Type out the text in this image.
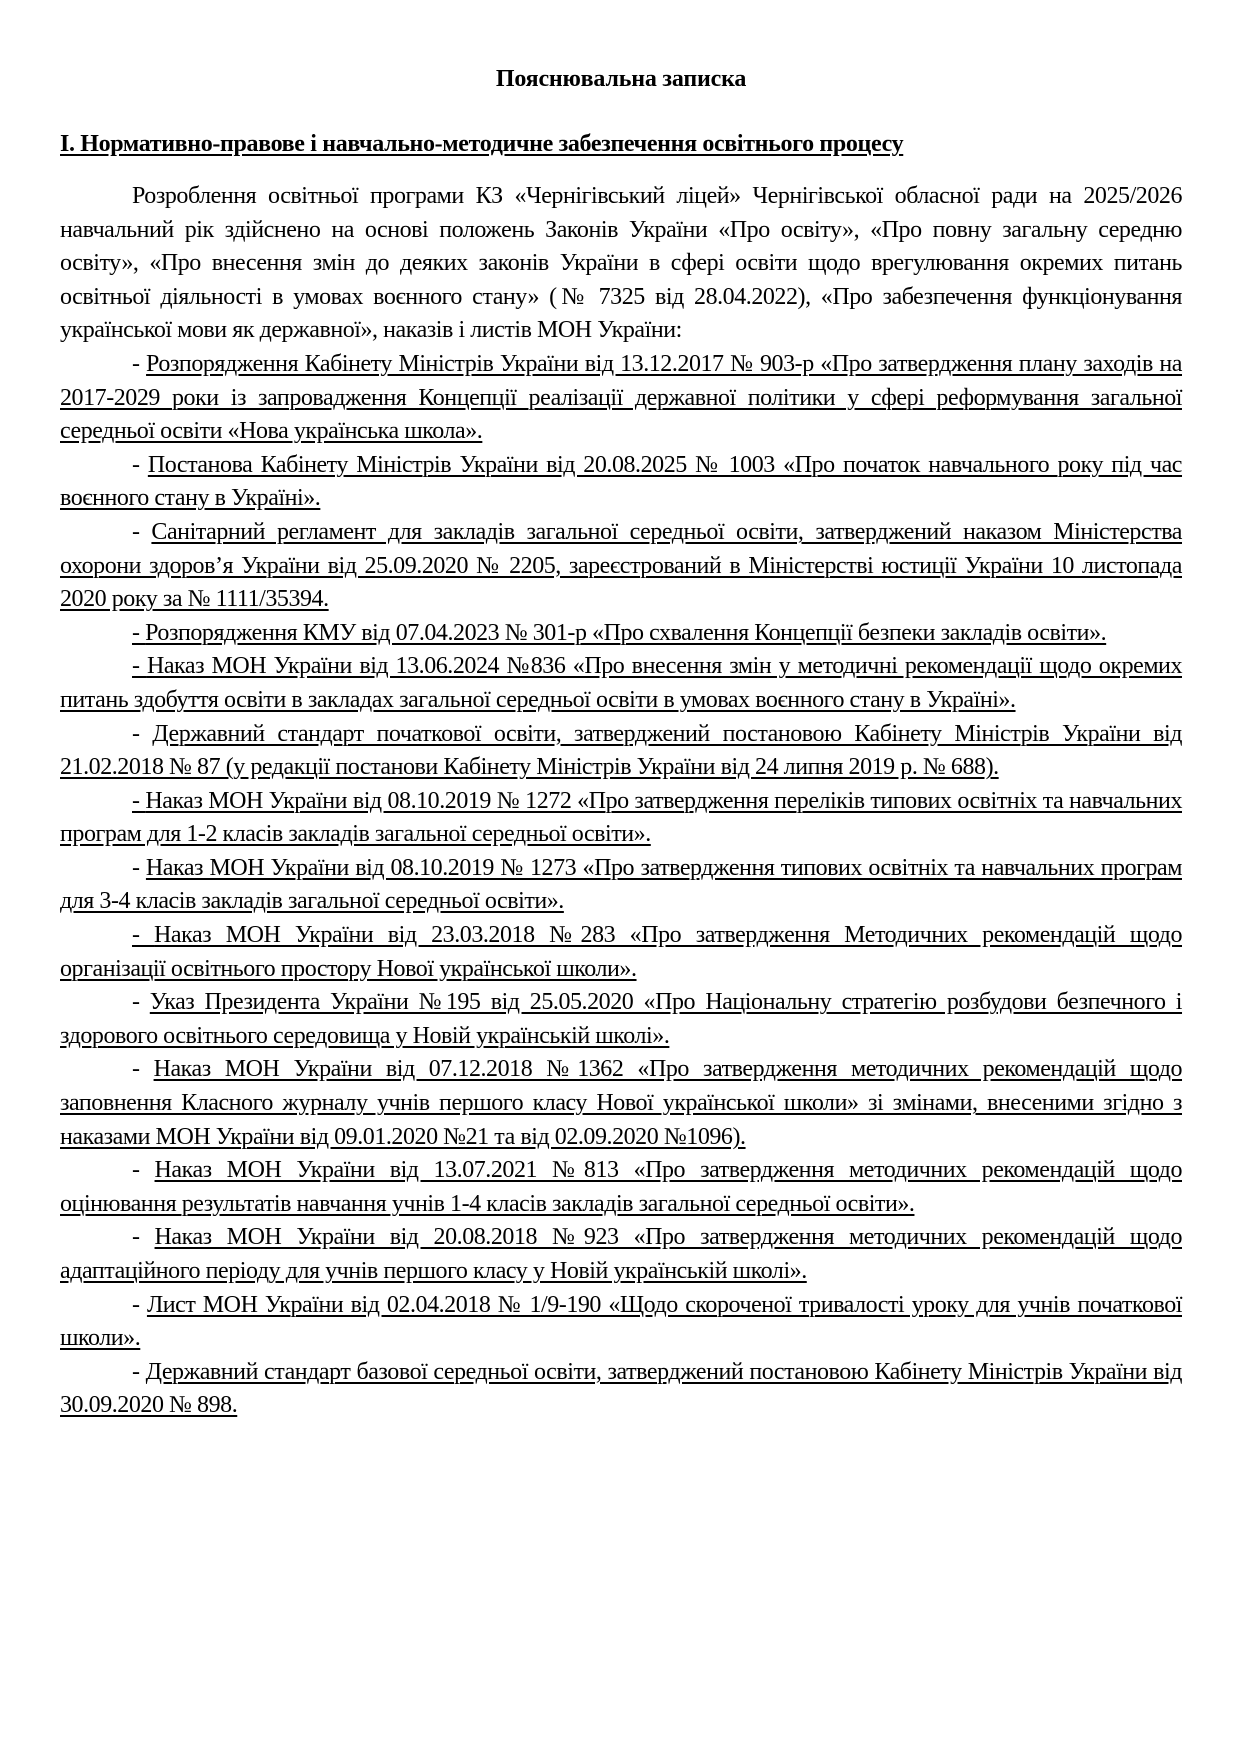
Пояснювальна записка
І. Нормативно-правове і навчально-методичне забезпечення освітнього процесу

Розроблення освітньої програми КЗ «Чернігівський ліцей» Чернігівської обласної ради на 2025/2026 навчальний рік здійснено на основі положень Законів України «Про освіту», «Про повну загальну середню освіту», «Про внесення змін до деяких законів України в сфері освіти щодо врегулювання окремих питань освітньої діяльності в умовах воєнного стану» (№ 7325 від 28.04.2022), «Про забезпечення функціонування української мови як державної», наказів і листів МОН України:

- Розпорядження Кабінету Міністрів України від 13.12.2017 № 903-р «Про затвердження плану заходів на 2017-2029 роки із запровадження Концепції реалізації державної політики у сфері реформування загальної середньої освіти «Нова українська школа».

- Постанова Кабінету Міністрів України від 20.08.2025 № 1003 «Про початок навчального року під час воєнного стану в Україні».

- Санітарний регламент для закладів загальної середньої освіти, затверджений наказом Міністерства охорони здоров’я України від 25.09.2020 № 2205, зареєстрований в Міністерстві юстиції України 10 листопада 2020 року за № 1111/35394.

- Розпорядження КМУ від 07.04.2023 № 301-р «Про схвалення Концепції безпеки закладів освіти».

- Наказ МОН України від 13.06.2024 №836 «Про внесення змін у методичні рекомендації щодо окремих питань здобуття освіти в закладах загальної середньої освіти в умовах воєнного стану в Україні».

- Державний стандарт початкової освіти, затверджений постановою Кабінету Міністрів України від 21.02.2018 № 87 (у редакції постанови Кабінету Міністрів України від 24 липня 2019 р. № 688).

- Наказ МОН України від 08.10.2019 № 1272 «Про затвердження переліків типових освітніх та навчальних програм для 1-2 класів закладів загальної середньої освіти».

- Наказ МОН України від 08.10.2019 № 1273 «Про затвердження типових освітніх та навчальних програм для 3-4 класів закладів загальної середньої освіти».

- Наказ МОН України від 23.03.2018 №283 «Про затвердження Методичних рекомендацій щодо організації освітнього простору Нової української школи».

- Указ Президента України №195 від 25.05.2020 «Про Національну стратегію розбудови безпечного і здорового освітнього середовища у Новій українській школі».

- Наказ МОН України від 07.12.2018 №1362 «Про затвердження методичних рекомендацій щодо заповнення Класного журналу учнів першого класу Нової української школи» зі змінами, внесеними згідно з наказами МОН України від 09.01.2020 №21 та від 02.09.2020 №1096).

- Наказ МОН України від 13.07.2021 №813 «Про затвердження методичних рекомендацій щодо оцінювання результатів навчання учнів 1-4 класів закладів загальної середньої освіти».

- Наказ МОН України від 20.08.2018 №923 «Про затвердження методичних рекомендацій щодо адаптаційного періоду для учнів першого класу у Новій українській школі».

- Лист МОН України від 02.04.2018 № 1/9-190 «Щодо скороченої тривалості уроку для учнів початкової школи».

- Державний стандарт базової середньої освіти, затверджений постановою Кабінету Міністрів України від 30.09.2020 № 898.
